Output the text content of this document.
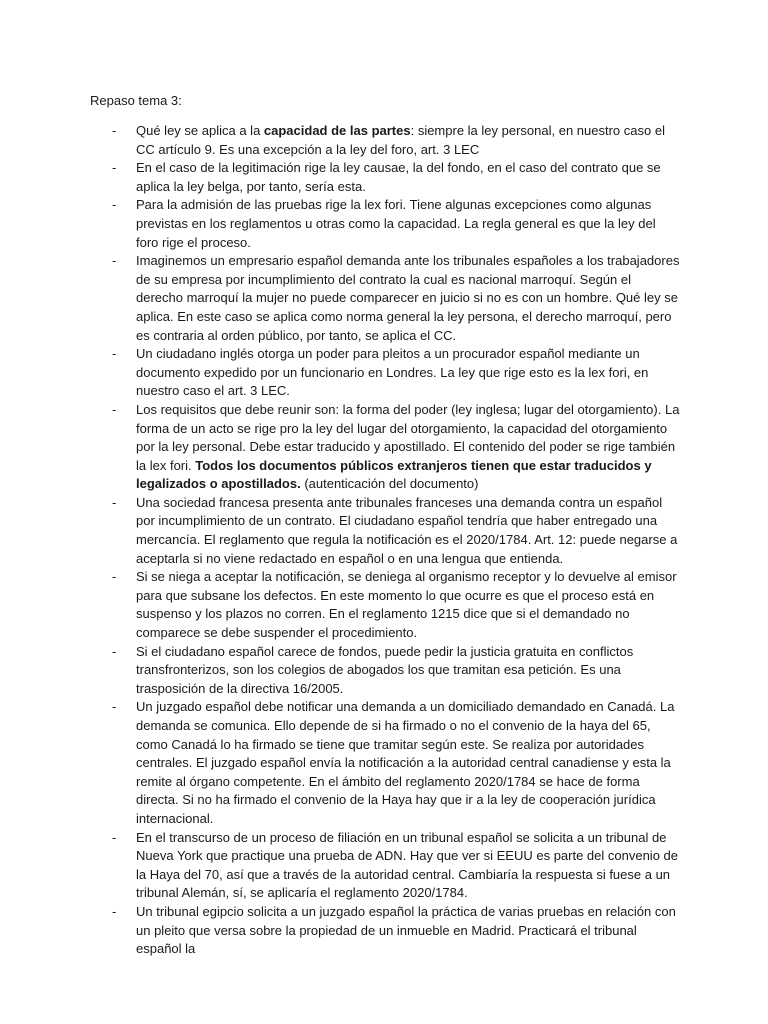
Repaso tema 3:

- Qué ley se aplica a la capacidad de las partes: siempre la ley personal, en nuestro caso el CC artículo 9. Es una excepción a la ley del foro, art. 3 LEC
- En el caso de la legitimación rige la ley causae, la del fondo, en el caso del contrato que se aplica la ley belga, por tanto, sería esta.
- Para la admisión de las pruebas rige la lex fori. Tiene algunas excepciones como algunas previstas en los reglamentos u otras como la capacidad. La regla general es que la ley del foro rige el proceso.
- Imaginemos un empresario español demanda ante los tribunales españoles a los trabajadores de su empresa por incumplimiento del contrato la cual es nacional marroquí. Según el derecho marroquí la mujer no puede comparecer en juicio si no es con un hombre. Qué ley se aplica. En este caso se aplica como norma general la ley persona, el derecho marroquí, pero es contraria al orden público, por tanto, se aplica el CC.
- Un ciudadano inglés otorga un poder para pleitos a un procurador español mediante un documento expedido por un funcionario en Londres. La ley que rige esto es la lex fori, en nuestro caso el art. 3 LEC.
- Los requisitos que debe reunir son: la forma del poder (ley inglesa; lugar del otorgamiento). La forma de un acto se rige pro la ley del lugar del otorgamiento, la capacidad del otorgamiento por la ley personal. Debe estar traducido y apostillado. El contenido del poder se rige también la lex fori. Todos los documentos públicos extranjeros tienen que estar traducidos y legalizados o apostillados. (autenticación del documento)
- Una sociedad francesa presenta ante tribunales franceses una demanda contra un español por incumplimiento de un contrato. El ciudadano español tendría que haber entregado una mercancía. El reglamento que regula la notificación es el 2020/1784. Art. 12: puede negarse a aceptarla si no viene redactado en español o en una lengua que entienda.
- Si se niega a aceptar la notificación, se deniega al organismo receptor y lo devuelve al emisor para que subsane los defectos. En este momento lo que ocurre es que el proceso está en suspenso y los plazos no corren. En el reglamento 1215 dice que si el demandado no comparece se debe suspender el procedimiento.
- Si el ciudadano español carece de fondos, puede pedir la justicia gratuita en conflictos transfronterizos, son los colegios de abogados los que tramitan esa petición. Es una trasposición de la directiva 16/2005.
- Un juzgado español debe notificar una demanda a un domiciliado demandado en Canadá. La demanda se comunica. Ello depende de si ha firmado o no el convenio de la haya del 65, como Canadá lo ha firmado se tiene que tramitar según este. Se realiza por autoridades centrales. El juzgado español envía la notificación a la autoridad central canadiense y esta la remite al órgano competente. En el ámbito del reglamento 2020/1784 se hace de forma directa. Si no ha firmado el convenio de la Haya hay que ir a la ley de cooperación jurídica internacional.
- En el transcurso de un proceso de filiación en un tribunal español se solicita a un tribunal de Nueva York que practique una prueba de ADN. Hay que ver si EEUU es parte del convenio de la Haya del 70, así que a través de la autoridad central. Cambiaría la respuesta si fuese a un tribunal Alemán, sí, se aplicaría el reglamento 2020/1784.
- Un tribunal egipcio solicita a un juzgado español la práctica de varias pruebas en relación con un pleito que versa sobre la propiedad de un inmueble en Madrid. Practicará el tribunal español la
